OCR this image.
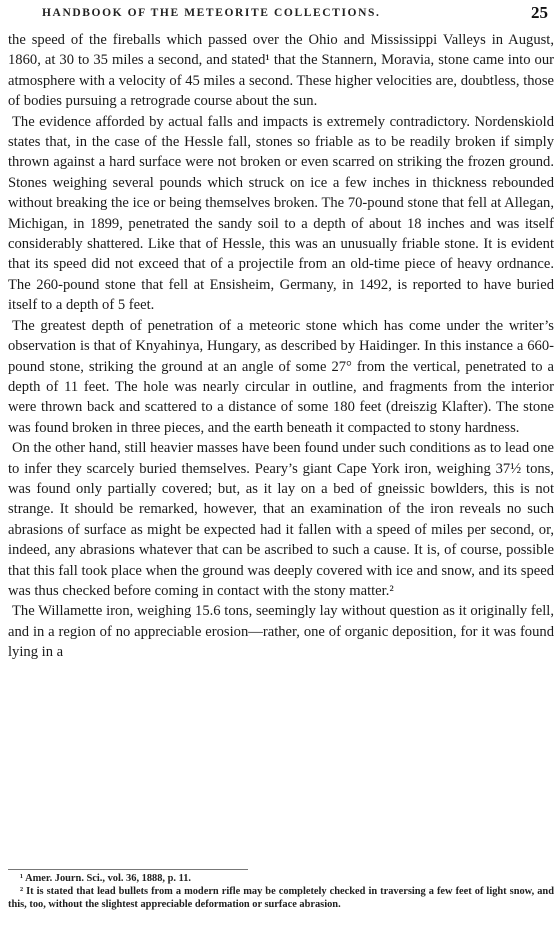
HANDBOOK OF THE METEORITE COLLECTIONS.	25

the speed of the fireballs which passed over the Ohio and Mississippi Valleys in August, 1860, at 30 to 35 miles a second, and stated¹ that the Stannern, Moravia, stone came into our atmosphere with a velocity of 45 miles a second. These higher velocities are, doubtless, those of bodies pursuing a retrograde course about the sun.

The evidence afforded by actual falls and impacts is extremely contradictory. Nordenskiold states that, in the case of the Hessle fall, stones so friable as to be readily broken if simply thrown against a hard surface were not broken or even scarred on striking the frozen ground. Stones weighing several pounds which struck on ice a few inches in thickness rebounded without breaking the ice or being themselves broken. The 70-pound stone that fell at Allegan, Michigan, in 1899, penetrated the sandy soil to a depth of about 18 inches and was itself considerably shattered. Like that of Hessle, this was an unusually friable stone. It is evident that its speed did not exceed that of a projectile from an old-time piece of heavy ordnance. The 260-pound stone that fell at Ensisheim, Germany, in 1492, is reported to have buried itself to a depth of 5 feet.

The greatest depth of penetration of a meteoric stone which has come under the writer’s observation is that of Knyahinya, Hungary, as described by Haidinger. In this instance a 660-pound stone, striking the ground at an angle of some 27° from the vertical, penetrated to a depth of 11 feet. The hole was nearly circular in outline, and fragments from the interior were thrown back and scattered to a distance of some 180 feet (dreiszig Klafter). The stone was found broken in three pieces, and the earth beneath it compacted to stony hardness.

On the other hand, still heavier masses have been found under such conditions as to lead one to infer they scarcely buried themselves. Peary’s giant Cape York iron, weighing 37½ tons, was found only partially covered; but, as it lay on a bed of gneissic bowlders, this is not strange. It should be remarked, however, that an examination of the iron reveals no such abrasions of surface as might be expected had it fallen with a speed of miles per second, or, indeed, any abrasions whatever that can be ascribed to such a cause. It is, of course, possible that this fall took place when the ground was deeply covered with ice and snow, and its speed was thus checked before coming in contact with the stony matter.²

The Willamette iron, weighing 15.6 tons, seemingly lay without question as it originally fell, and in a region of no appreciable erosion—rather, one of organic deposition, for it was found lying in a

¹ Amer. Journ. Sci., vol. 36, 1888, p. 11.

² It is stated that lead bullets from a modern rifle may be completely checked in traversing a few feet of light snow, and this, too, without the slightest appreciable deformation or surface abrasion.
